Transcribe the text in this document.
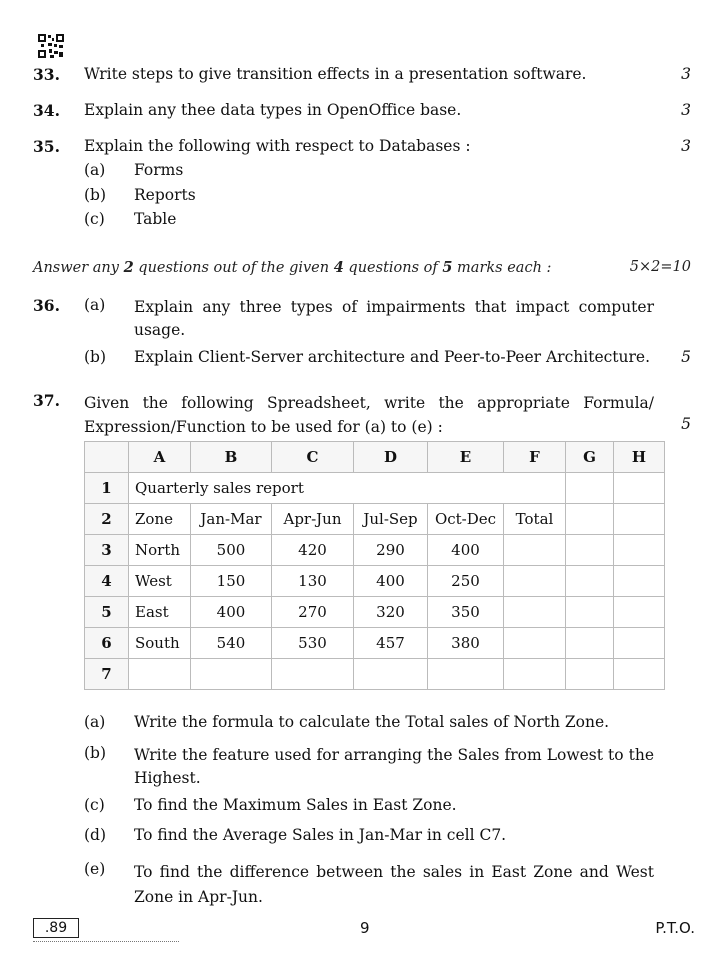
33. Write steps to give transition effects in a presentation software.	3
34. Explain any thee data types in OpenOffice base.	3
35. Explain the following with respect to Databases :	3
(a) Forms
(b) Reports
(c) Table
Answer any 2 questions out of the given 4 questions of 5 marks each :	5×2=10
36. (a) Explain any three types of impairments that impact computer usage.
(b) Explain Client-Server architecture and Peer-to-Peer Architecture. 5
37. Given the following Spreadsheet, write the appropriate Formula/ Expression/Function to be used for (a) to (e) :	5
	A	B	C	D	E	F	G	H
1	Quarterly sales report							
2	Zone	Jan-Mar	Apr-Jun	Jul-Sep	Oct-Dec	Total		
3	North	500	420	290	400			
4	West	150	130	400	250			
5	East	400	270	320	350			
6	South	540	530	457	380			
7								
(a) Write the formula to calculate the Total sales of North Zone.
(b) Write the feature used for arranging the Sales from Lowest to the Highest.
(c) To find the Maximum Sales in East Zone.
(d) To find the Average Sales in Jan-Mar in cell C7.
(e) To find the difference between the sales in East Zone and West Zone in Apr-Jun.
.89	9	P.T.O.
